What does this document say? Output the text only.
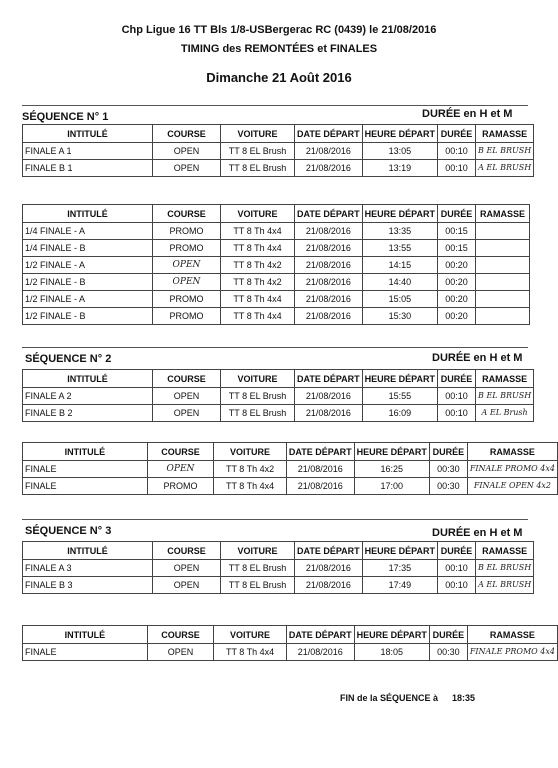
Chp Ligue 16 TT Bls 1/8-USBergerac RC (0439) le 21/08/2016
TIMING des REMONTÉES et FINALES
Dimanche 21 Août 2016
SÉQUENCE N° 1	DURÉE en H et M
INTITULÉ	COURSE	VOITURE	DATE DÉPART	HEURE DÉPART	DURÉE	RAMASSE
FINALE A 1	OPEN	TT 8 EL Brush	21/08/2016	13:05	00:10	B EL BRUSH
FINALE B 1	OPEN	TT 8 EL Brush	21/08/2016	13:19	00:10	A EL BRUSH
INTITULÉ	COURSE	VOITURE	DATE DÉPART	HEURE DÉPART	DURÉE	RAMASSE
1/4 FINALE - A	PROMO	TT 8 Th 4x4	21/08/2016	13:35	00:15	
1/4 FINALE - B	PROMO	TT 8 Th 4x4	21/08/2016	13:55	00:15	
1/2 FINALE - A	OPEN	TT 8 Th 4x2	21/08/2016	14:15	00:20	
1/2 FINALE - B	OPEN	TT 8 Th 4x2	21/08/2016	14:40	00:20	
1/2 FINALE - A	PROMO	TT 8 Th 4x4	21/08/2016	15:05	00:20	
1/2 FINALE - B	PROMO	TT 8 Th 4x4	21/08/2016	15:30	00:20	
SÉQUENCE N° 2	DURÉE en H et M
INTITULÉ	COURSE	VOITURE	DATE DÉPART	HEURE DÉPART	DURÉE	RAMASSE
FINALE A 2	OPEN	TT 8 EL Brush	21/08/2016	15:55	00:10	B EL BRUSH
FINALE B 2	OPEN	TT 8 EL Brush	21/08/2016	16:09	00:10	A EL Brush
INTITULÉ	COURSE	VOITURE	DATE DÉPART	HEURE DÉPART	DURÉE	RAMASSE
FINALE	OPEN	TT 8 Th 4x2	21/08/2016	16:25	00:30	FINALE PROMO 4x4
FINALE	PROMO	TT 8 Th 4x4	21/08/2016	17:00	00:30	FINALE OPEN 4x2
SÉQUENCE N° 3	DURÉE en H et M
INTITULÉ	COURSE	VOITURE	DATE DÉPART	HEURE DÉPART	DURÉE	RAMASSE
FINALE A 3	OPEN	TT 8 EL Brush	21/08/2016	17:35	00:10	B EL BRUSH
FINALE B 3	OPEN	TT 8 EL Brush	21/08/2016	17:49	00:10	A EL BRUSH
INTITULÉ	COURSE	VOITURE	DATE DÉPART	HEURE DÉPART	DURÉE	RAMASSE
FINALE	OPEN	TT 8 Th 4x4	21/08/2016	18:05	00:30	FINALE PROMO 4x4
FIN de la SÉQUENCE à 18:35
